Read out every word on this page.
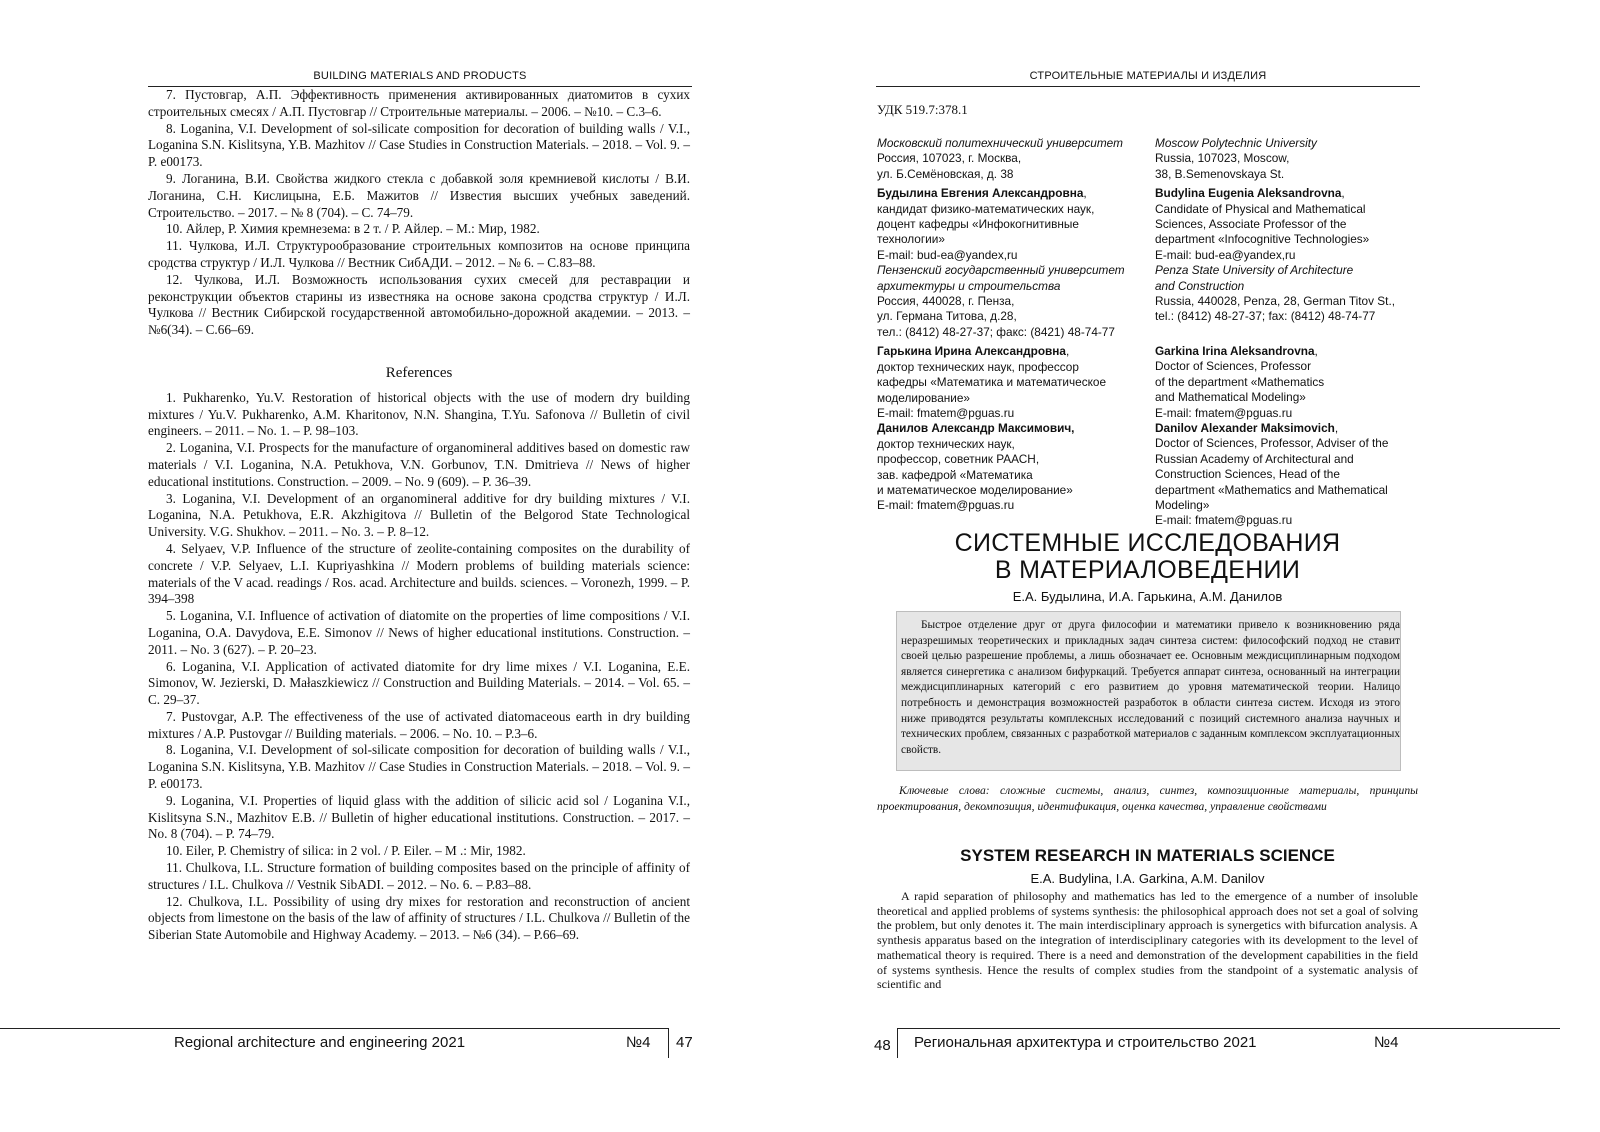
BUILDING MATERIALS AND PRODUCTS

7. Пустовгар, А.П. Эффективность применения активированных диатомитов в сухих строительных смесях / А.П. Пустовгар // Строительные материалы. – 2006. – №10. – С.3–6.

8. Loganina, V.I. Development of sol-silicate composition for decoration of building walls / V.I., Loganina S.N. Kislitsyna, Y.B. Mazhitov // Case Studies in Construction Materials. – 2018. – Vol. 9. – P. e00173.

9. Логанина, В.И. Свойства жидкого стекла с добавкой золя кремниевой кислоты / В.И. Логанина, С.Н. Кислицына, Е.Б. Мажитов // Известия высших учебных заведений. Строительство. – 2017. – № 8 (704). – С. 74–79.

10. Айлер, Р. Химия кремнезема: в 2 т. / Р. Айлер. – М.: Мир, 1982.

11. Чулкова, И.Л. Структурообразование строительных композитов на основе принципа сродства структур / И.Л. Чулкова // Вестник СибАДИ. – 2012. – № 6. – С.83–88.

12. Чулкова, И.Л. Возможность использования сухих смесей для реставрации и реконструкции объектов старины из известняка на основе закона сродства структур / И.Л. Чулкова // Вестник Сибирской государственной автомобильно-дорожной академии. – 2013. – №6(34). – С.66–69.

References

1. Pukharenko, Yu.V. Restoration of historical objects with the use of modern dry building mixtures / Yu.V. Pukharenko, A.M. Kharitonov, N.N. Shangina, T.Yu. Safonova // Bulletin of civil engineers. – 2011. – No. 1. – P. 98–103.

2. Loganina, V.I. Prospects for the manufacture of organomineral additives based on domestic raw materials / V.I. Loganina, N.A. Petukhova, V.N. Gorbunov, T.N. Dmitrieva // News of higher educational institutions. Construction. – 2009. – No. 9 (609). – P. 36–39.

3. Loganina, V.I. Development of an organomineral additive for dry building mixtures / V.I. Loganina, N.A. Petukhova, E.R. Akzhigitova // Bulletin of the Belgorod State Technological University. V.G. Shukhov. – 2011. – No. 3. – P. 8–12.

4. Selyaev, V.P. Influence of the structure of zeolite-containing composites on the durability of concrete / V.P. Selyaev, L.I. Kupriyashkina // Modern problems of building materials science: materials of the V acad. readings / Ros. acad. Architecture and builds. sciences. – Voronezh, 1999. – P. 394–398

5. Loganina, V.I. Influence of activation of diatomite on the properties of lime compositions / V.I. Loganina, O.A. Davydova, E.E. Simonov // News of higher educational institutions. Construction. – 2011. – No. 3 (627). – P. 20–23.

6. Loganina, V.I. Application of activated diatomite for dry lime mixes / V.I. Loganina, E.E. Simonov, W. Jezierski, D. Małaszkiewicz // Construction and Building Materials. – 2014. – Vol. 65. – C. 29–37.

7. Pustovgar, A.P. The effectiveness of the use of activated diatomaceous earth in dry building mixtures / A.P. Pustovgar // Building materials. – 2006. – No. 10. – P.3–6.

8. Loganina, V.I. Development of sol-silicate composition for decoration of building walls / V.I., Loganina S.N. Kislitsyna, Y.B. Mazhitov // Case Studies in Construction Materials. – 2018. – Vol. 9. – P. e00173.

9. Loganina, V.I. Properties of liquid glass with the addition of silicic acid sol / Loganina V.I., Kislitsyna S.N., Mazhitov E.B. // Bulletin of higher educational institutions. Construction. – 2017. – No. 8 (704). – P. 74–79.

10. Eiler, P. Chemistry of silica: in 2 vol. / P. Eiler. – M .: Mir, 1982.

11. Chulkova, I.L. Structure formation of building composites based on the principle of affinity of structures / I.L. Chulkova // Vestnik SibADI. – 2012. – No. 6. – P.83–88.

12. Chulkova, I.L. Possibility of using dry mixes for restoration and reconstruction of ancient objects from limestone on the basis of the law of affinity of structures / I.L. Chulkova // Bulletin of the Siberian State Automobile and Highway Academy. – 2013. – №6 (34). – P.66–69.

Regional architecture and engineering 2021	№4 47
СТРОИТЕЛЬНЫЕ МАТЕРИАЛЫ И ИЗДЕЛИЯ
УДК 519.7:378.1

Московский политехнический университет

Россия, 107023, г. Москва,

ул. Б.Семёновская, д. 38

Будылина Евгения Александровна,

кандидат физико-математических наук,

доцент кафедры «Инфокогнитивные

технологии»

E-mail: bud-ea@yandex,ru

Пензенский государственный университет

архитектуры и строительства

Россия, 440028, г. Пенза,

ул. Германа Титова, д.28,

тел.: (8412) 48-27-37; факс: (8421) 48-74-77

Гарькина Ирина Александровна,

доктор технических наук, профессор

кафедры «Математика и математическое

моделирование»

E-mail: fmatem@pguas.ru

Данилов Александр Максимович,

доктор технических наук,

профессор, советник РААСН,

зав. кафедрой «Математика

и математическое моделирование»

E-mail: fmatem@pguas.ru

Moscow Polytechnic University

Russia, 107023, Moscow,

38, B.Semenovskaya St.

Budylina Eugenia Aleksandrovna,

Candidate of Physical and Mathematical

Sciences, Associate Professor of the

department «Infocognitive Technologies»

E-mail: bud-ea@yandex,ru

Penza State University of Architecture

and Construction

Russia, 440028, Penza, 28, German Titov St.,

tel.: (8412) 48-27-37; fax: (8412) 48-74-77

Garkina Irina Aleksandrovna,

Doctor of Sciences, Professor

of the department «Mathematics

and Mathematical Modeling»

E-mail: fmatem@pguas.ru

Danilov Alexander Maksimovich,

Doctor of Sciences, Professor, Adviser of the

Russian Academy of Architectural and

Construction Sciences, Head of the

department «Mathematics and Mathematical

Modeling»

E-mail: fmatem@pguas.ru

СИСТЕМНЫЕ ИССЛЕДОВАНИЯ
В МАТЕРИАЛОВЕДЕНИИ
Е.А. Будылина, И.А. Гарькина, А.М. Данилов

Быстрое отделение друг от друга философии и математики привело к возникновению ряда неразрешимых теоретических и прикладных задач синтеза систем: философский подход не ставит своей целью разрешение проблемы, а лишь обозначает ее. Основным междисциплинарным подходом является синергетика с анализом бифуркаций. Требуется аппарат синтеза, основанный на интеграции междисциплинарных категорий с его развитием до уровня математической теории. Налицо потребность и демонстрация возможностей разработок в области синтеза систем. Исходя из этого ниже приводятся результаты комплексных исследований с позиций системного анализа научных и технических проблем, связанных с разработкой материалов с заданным комплексом эксплуатационных свойств.

Ключевые слова: сложные системы, анализ, синтез, композиционные материалы, принципы проектирования, декомпозиция, идентификация, оценка качества, управление свойствами

SYSTEM RESEARCH IN MATERIALS SCIENCE
E.A. Budylina, I.A. Garkina, A.M. Danilov

A rapid separation of philosophy and mathematics has led to the emergence of a number of insoluble theoretical and applied problems of systems synthesis: the philosophical approach does not set a goal of solving the problem, but only denotes it. The main interdisciplinary approach is synergetics with bifurcation analysis. A synthesis apparatus based on the integration of interdisciplinary categories with its development to the level of mathematical theory is required. There is a need and demonstration of the development capabilities in the field of systems synthesis. Hence the results of complex studies from the standpoint of a systematic analysis of scientific and

48 Региональная архитектура и строительство 2021	№4
